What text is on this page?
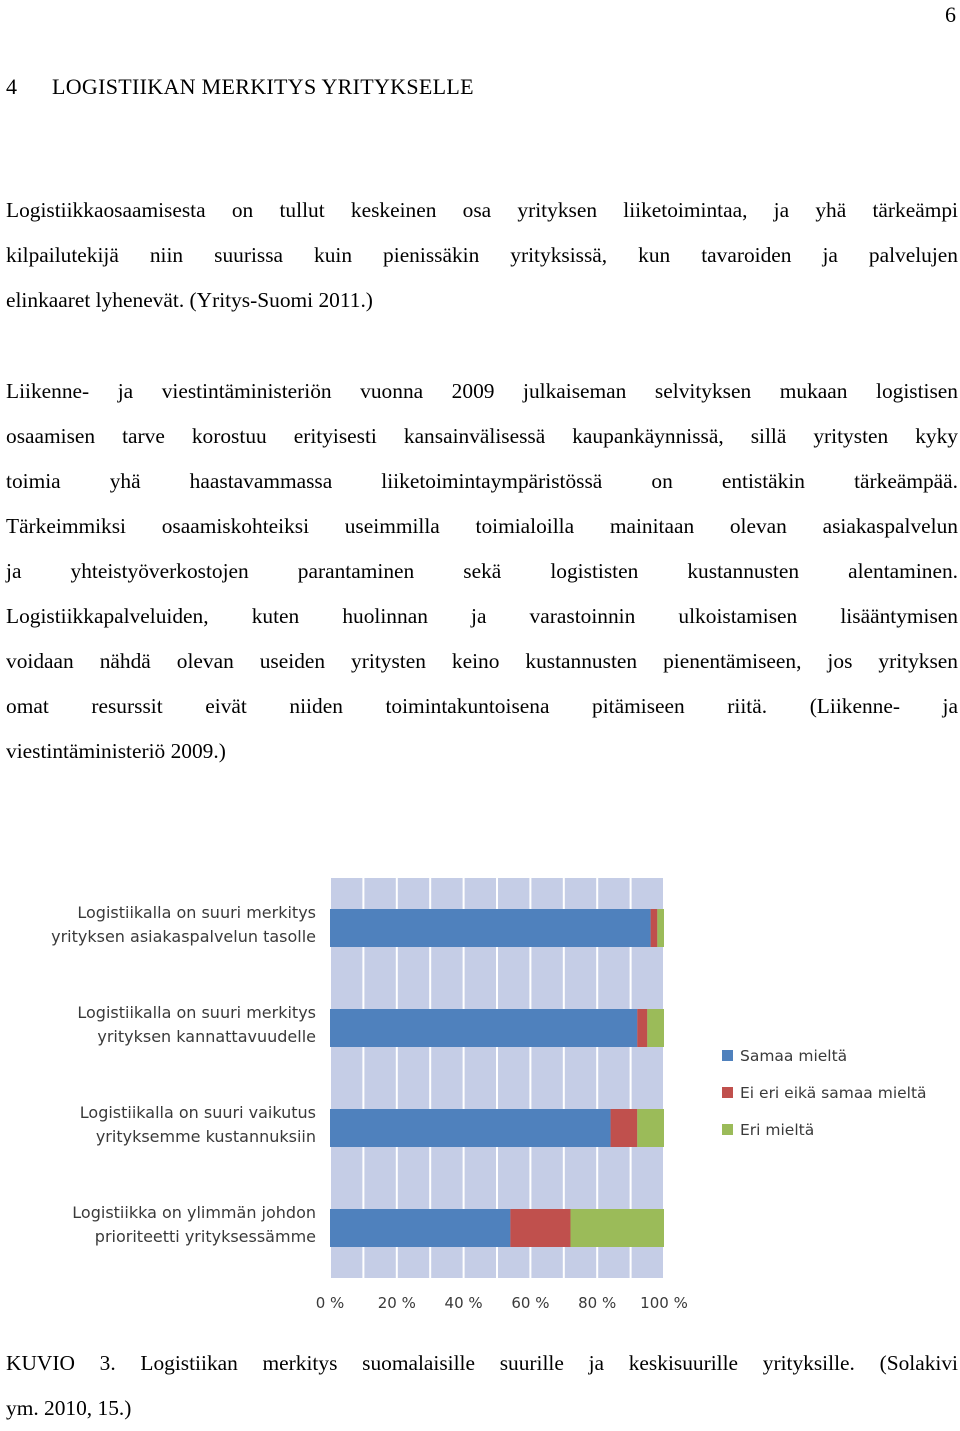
6
4 LOGISTIIKAN MERKITYS YRITYKSELLE

Logistiikkaosaamisesta on tullut keskeinen osa yrityksen liiketoimintaa, ja yhä tärkeämpi
kilpailutekijä niin suurissa kuin pienissäkin yrityksissä, kun tavaroiden ja palvelujen
elinkaaret lyhenevät. (Yritys-Suomi 2011.)

Liikenne- ja viestintäministeriön vuonna 2009 julkaiseman selvityksen mukaan logistisen
osaamisen tarve korostuu erityisesti kansainvälisessä kaupankäynnissä, sillä yritysten kyky
toimia yhä haastavammassa liiketoimintaympäristössä on entistäkin tärkeämpää.
Tärkeimmiksi osaamiskohteiksi useimmilla toimialoilla mainitaan olevan asiakaspalvelun
ja yhteistyöverkostojen parantaminen sekä logististen kustannusten alentaminen.
Logistiikkapalveluiden, kuten huolinnan ja varastoinnin ulkoistamisen lisääntymisen
voidaan nähdä olevan useiden yritysten keino kustannusten pienentämiseen, jos yrityksen
omat resurssit eivät niiden toimintakuntoisena pitämiseen riitä. (Liikenne- ja
viestintäministeriö 2009.)

0 % 20 % 40 % 60 % 80 % 100 %
Logistiikalla on suuri merkitys
yrityksen asiakaspalvelun tasolle
Logistiikalla on suuri merkitys
yrityksen kannattavuudelle
Logistiikalla on suuri vaikutus
yrityksemme kustannuksiin
Logistiikka on ylimmän johdon
prioriteetti yrityksessämme
Samaa mieltä
Ei eri eikä samaa mieltä
Eri mieltä

KUVIO 3. Logistiikan merkitys suomalaisille suurille ja keskisuurille yrityksille. (Solakivi
ym. 2010, 15.)
